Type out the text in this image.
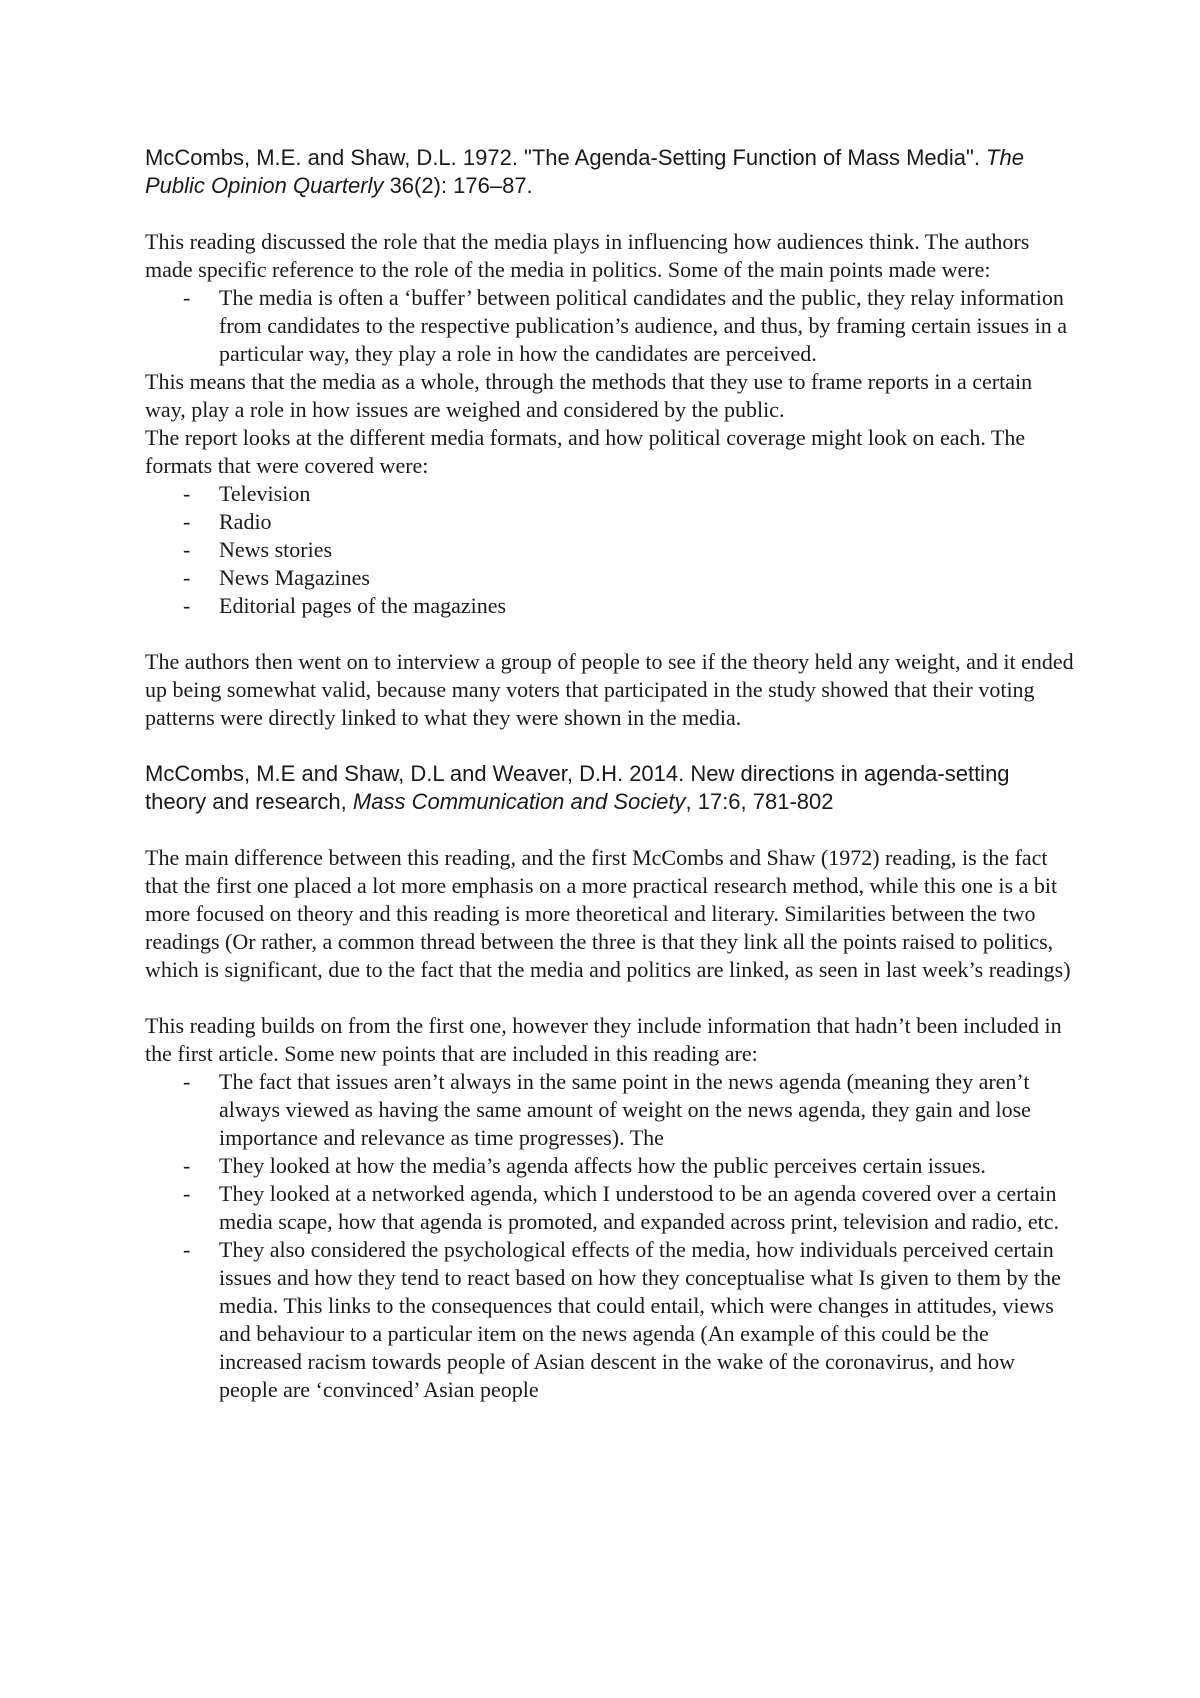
McCombs, M.E. and Shaw, D.L. 1972. "The Agenda-Setting Function of Mass Media". The Public Opinion Quarterly 36(2): 176–87.

This reading discussed the role that the media plays in influencing how audiences think. The authors made specific reference to the role of the media in politics. Some of the main points made were:

- The media is often a ‘buffer’ between political candidates and the public, they relay information from candidates to the respective publication’s audience, and thus, by framing certain issues in a particular way, they play a role in how the candidates are perceived.

This means that the media as a whole, through the methods that they use to frame reports in a certain way, play a role in how issues are weighed and considered by the public.

The report looks at the different media formats, and how political coverage might look on each. The formats that were covered were:

- Television
- Radio
- News stories
- News Magazines
- Editorial pages of the magazines

The authors then went on to interview a group of people to see if the theory held any weight, and it ended up being somewhat valid, because many voters that participated in the study showed that their voting patterns were directly linked to what they were shown in the media.

McCombs, M.E and Shaw, D.L and Weaver, D.H. 2014. New directions in agenda-setting theory and research, Mass Communication and Society, 17:6, 781-802

The main difference between this reading, and the first McCombs and Shaw (1972) reading, is the fact that the first one placed a lot more emphasis on a more practical research method, while this one is a bit more focused on theory and this reading is more theoretical and literary. Similarities between the two readings (Or rather, a common thread between the three is that they link all the points raised to politics, which is significant, due to the fact that the media and politics are linked, as seen in last week’s readings)

This reading builds on from the first one, however they include information that hadn’t been included in the first article. Some new points that are included in this reading are:

- The fact that issues aren’t always in the same point in the news agenda (meaning they aren’t always viewed as having the same amount of weight on the news agenda, they gain and lose importance and relevance as time progresses). The
- They looked at how the media’s agenda affects how the public perceives certain issues.
- They looked at a networked agenda, which I understood to be an agenda covered over a certain media scape, how that agenda is promoted, and expanded across print, television and radio, etc.
- They also considered the psychological effects of the media, how individuals perceived certain issues and how they tend to react based on how they conceptualise what Is given to them by the media. This links to the consequences that could entail, which were changes in attitudes, views and behaviour to a particular item on the news agenda (An example of this could be the increased racism towards people of Asian descent in the wake of the coronavirus, and how people are ‘convinced’ Asian people
